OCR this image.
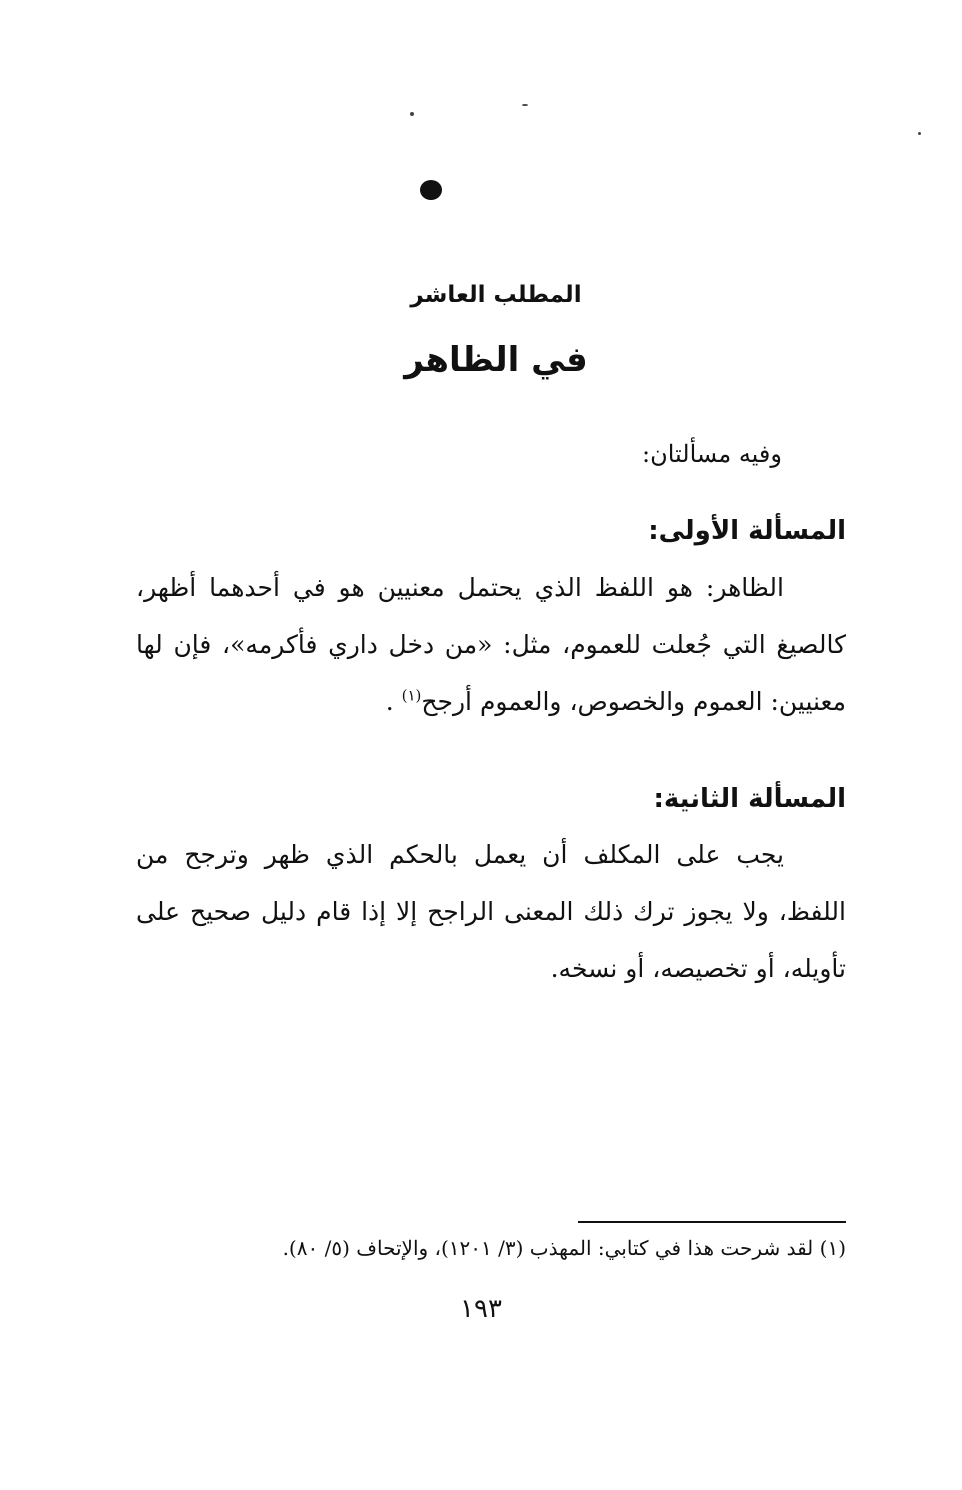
المطلب العاشر
في الظاهر
وفيه مسألتان:
المسألة الأولى:
الظاهر: هو اللفظ الذي يحتمل معنيين هو في أحدهما أظهر، كالصيغ التي جُعلت للعموم، مثل: «من دخل داري فأكرمه»، فإن لها معنيين: العموم والخصوص، والعموم أرجح$^{(١)}$ .
المسألة الثانية:
يجب على المكلف أن يعمل بالحكم الذي ظهر وترجح من اللفظ، ولا يجوز ترك ذلك المعنى الراجح إلا إذا قام دليل صحيح على تأويله، أو تخصيصه، أو نسخه.
(١) لقد شرحت هذا في كتابي: المهذب (٣/ ١٢٠١)، والإتحاف (٥/ ٨٠).
١٩٣
